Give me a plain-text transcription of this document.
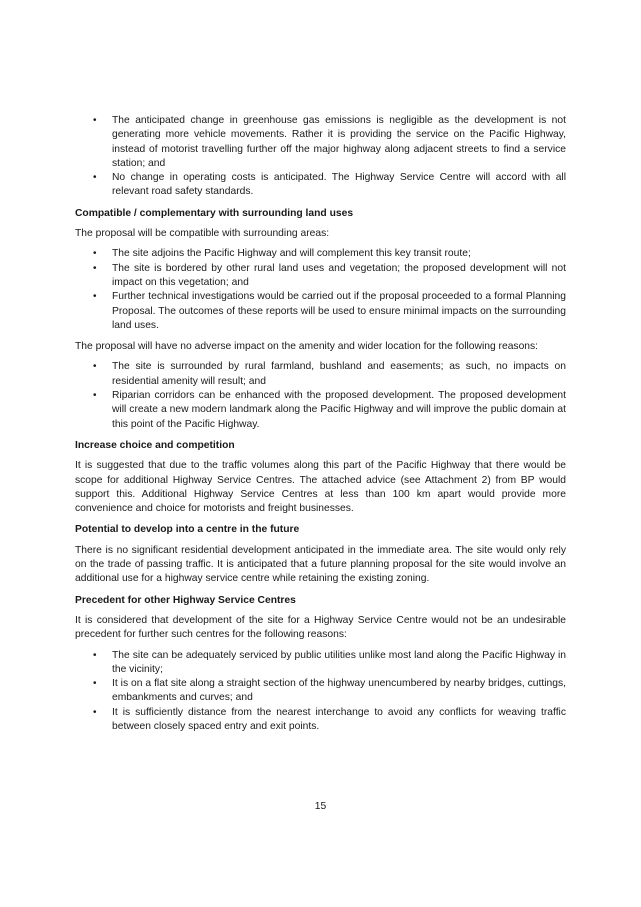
• The anticipated change in greenhouse gas emissions is negligible as the development is not generating more vehicle movements. Rather it is providing the service on the Pacific Highway, instead of motorist travelling further off the major highway along adjacent streets to find a service station; and
• No change in operating costs is anticipated. The Highway Service Centre will accord with all relevant road safety standards.
Compatible / complementary with surrounding land uses

The proposal will be compatible with surrounding areas:

• The site adjoins the Pacific Highway and will complement this key transit route;
• The site is bordered by other rural land uses and vegetation; the proposed development will not impact on this vegetation; and
• Further technical investigations would be carried out if the proposal proceeded to a formal Planning Proposal. The outcomes of these reports will be used to ensure minimal impacts on the surrounding land uses.

The proposal will have no adverse impact on the amenity and wider location for the following reasons:

• The site is surrounded by rural farmland, bushland and easements; as such, no impacts on residential amenity will result; and
• Riparian corridors can be enhanced with the proposed development. The proposed development will create a new modern landmark along the Pacific Highway and will improve the public domain at this point of the Pacific Highway.
Increase choice and competition

It is suggested that due to the traffic volumes along this part of the Pacific Highway that there would be scope for additional Highway Service Centres. The attached advice (see Attachment 2) from BP would support this. Additional Highway Service Centres at less than 100 km apart would provide more convenience and choice for motorists and freight businesses.

Potential to develop into a centre in the future

There is no significant residential development anticipated in the immediate area. The site would only rely on the trade of passing traffic. It is anticipated that a future planning proposal for the site would involve an additional use for a highway service centre while retaining the existing zoning.

Precedent for other Highway Service Centres

It is considered that development of the site for a Highway Service Centre would not be an undesirable precedent for further such centres for the following reasons:

• The site can be adequately serviced by public utilities unlike most land along the Pacific Highway in the vicinity;
• It is on a flat site along a straight section of the highway unencumbered by nearby bridges, cuttings, embankments and curves; and
• It is sufficiently distance from the nearest interchange to avoid any conflicts for weaving traffic between closely spaced entry and exit points.
15
